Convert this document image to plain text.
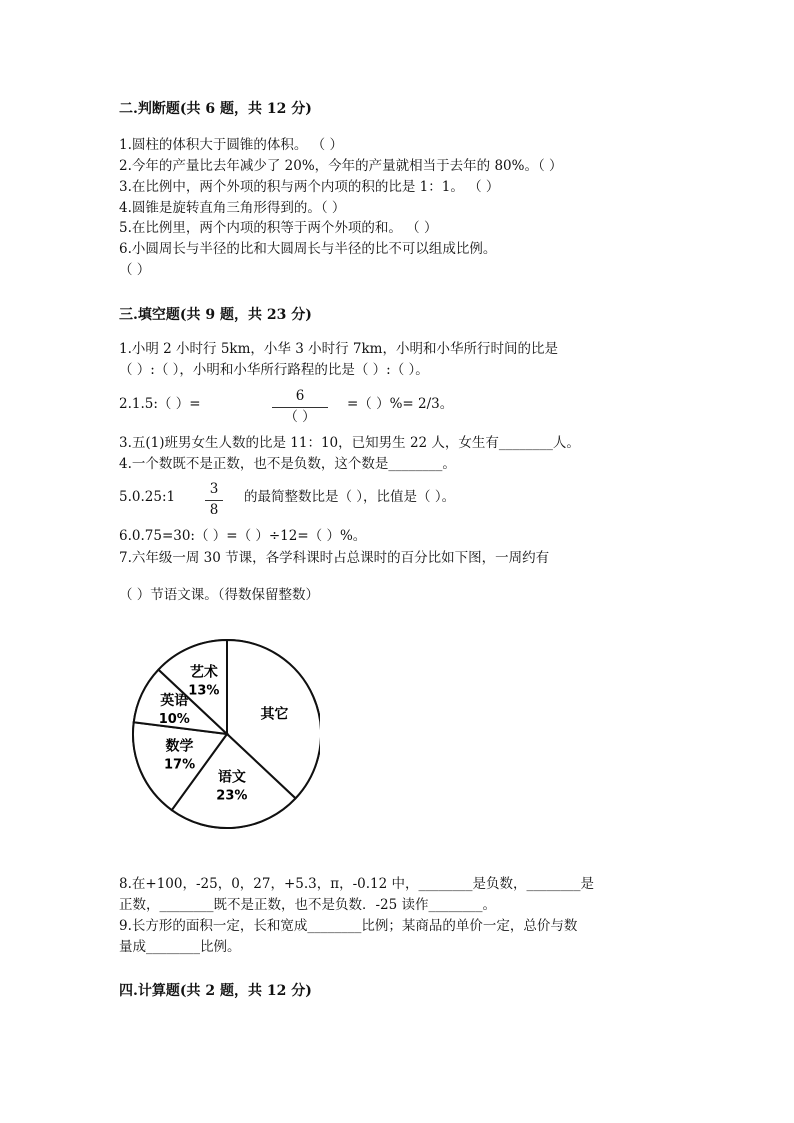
二.判断题(共 6 题，共 12 分)
1.圆柱的体积大于圆锥的体积。 （ ）
2.今年的产量比去年减少了 20%，今年的产量就相当于去年的 80%。（ ）
3.在比例中，两个外项的积与两个内项的积的比是 1：1。 （ ）
4.圆锥是旋转直角三角形得到的。（ ）
5.在比例里，两个内项的积等于两个外项的和。 （ ）
6.小圆周长与半径的比和大圆周长与半径的比不可以组成比例。
（ ）
三.填空题(共 9 题，共 23 分)
1.小明 2 小时行 5km，小华 3 小时行 7km，小明和小华所行时间的比是
（ ）:（ ），小明和小华所行路程的比是（ ）:（ ）。
2.1.5:（ ）=	6
（ ）
=（ ）%= 2/3。
3.五(1)班男女生人数的比是 11：10，已知男生 22 人，女生有________人。
4.一个数既不是正数，也不是负数，这个数是________。
5.0.25:1	3
8
的最简整数比是（ ），比值是（ ）。
6.0.75=30:（ ）=（ ）÷12=（ ）%。
7.六年级一周 30 节课，各学科课时占总课时的百分比如下图，一周约有
（ ）节语文课。（得数保留整数）
其它
语文
23%
数学
17%
英语
10%
艺术
13%
8.在+100，-25，0，27，+5.3，π，-0.12 中，________是负数，________是
正数，________既不是正数，也不是负数．-25 读作________。
9.长方形的面积一定，长和宽成________比例；某商品的单价一定，总价与数
量成________比例。
四.计算题(共 2 题，共 12 分)
